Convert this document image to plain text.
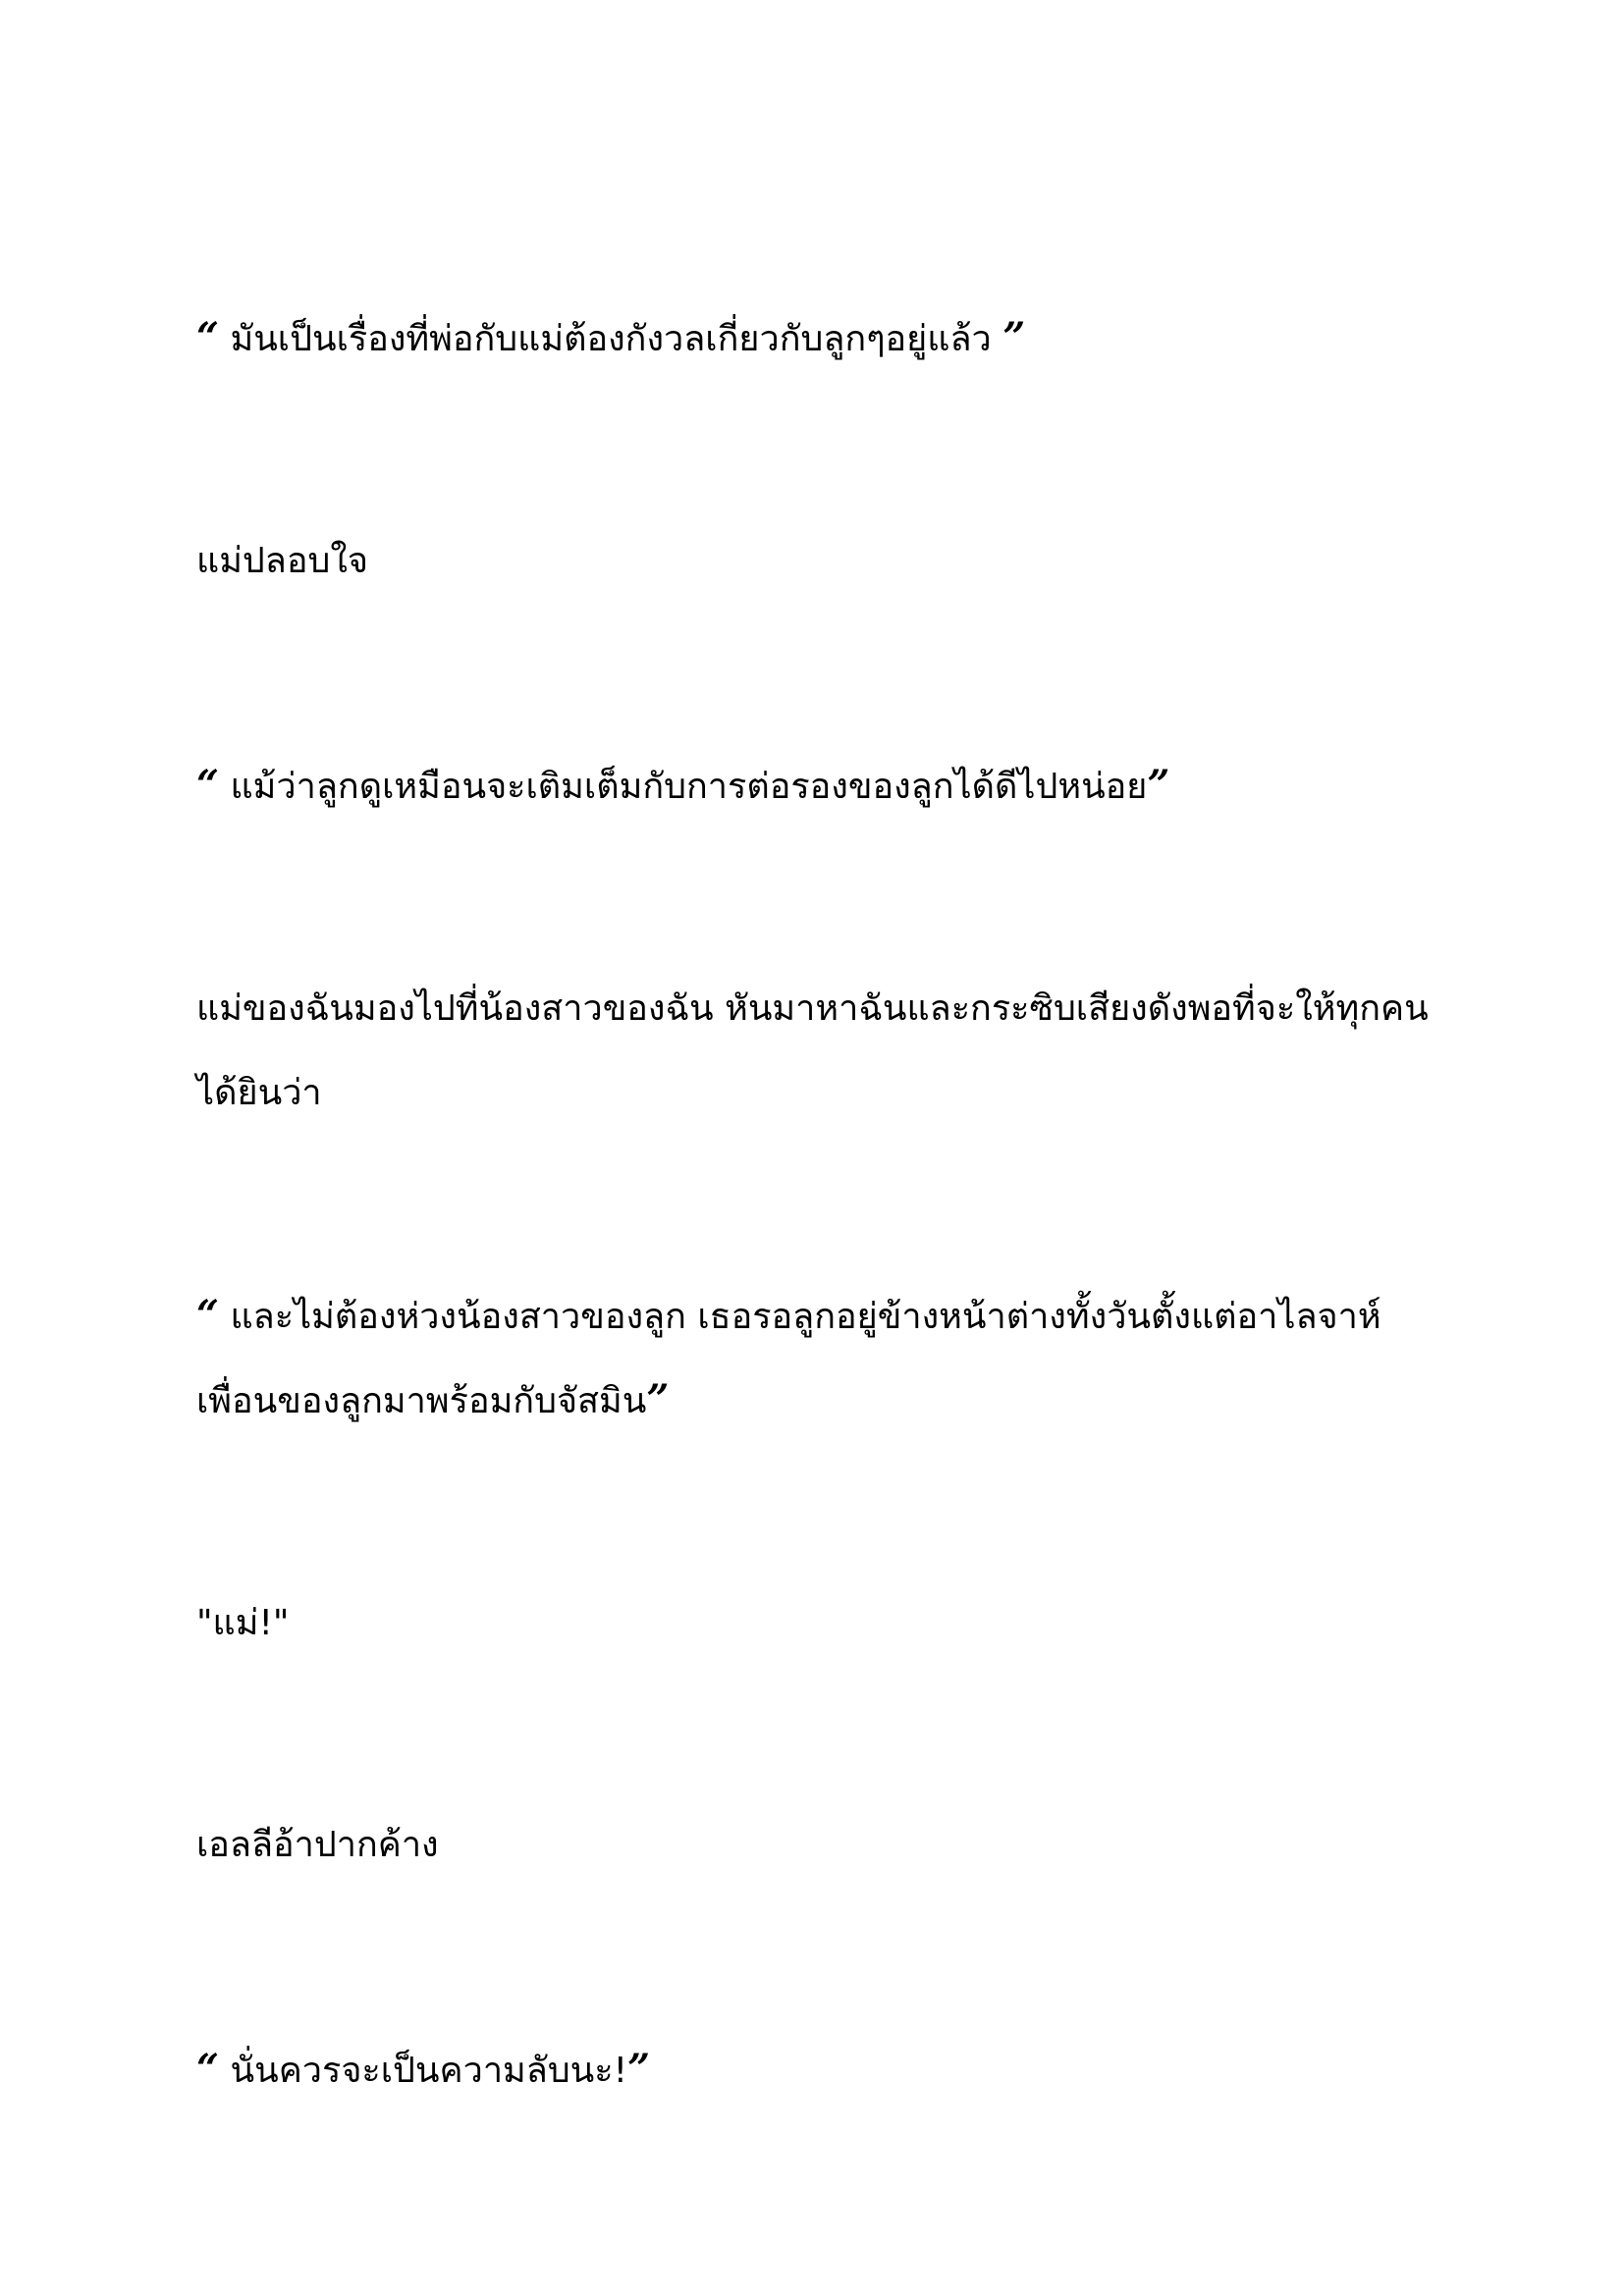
“ มันเป็นเรื่องที่พ่อกับแม่ต้องกังวลเกี่ยวกับลูกๆอยู่แล้ว ”
แม่ปลอบใจ
“ แม้ว่าลูกดูเหมือนจะเติมเต็มกับการต่อรองของลูกได้ดีไปหน่อย”
แม่ของฉันมองไปที่น้องสาวของฉัน หันมาหาฉันและกระซิบเสียงดังพอที่จะให้ทุกคน
ได้ยินว่า
“ และไม่ต้องห่วงน้องสาวของลูก เธอรอลูกอยู่ข้างหน้าต่างทั้งวันตั้งแต่อาไลจาห์
เพื่อนของลูกมาพร้อมกับจัสมิน”
"แม่!"
เอลลีอ้าปากค้าง
“ นั่นควรจะเป็นความลับนะ!”
